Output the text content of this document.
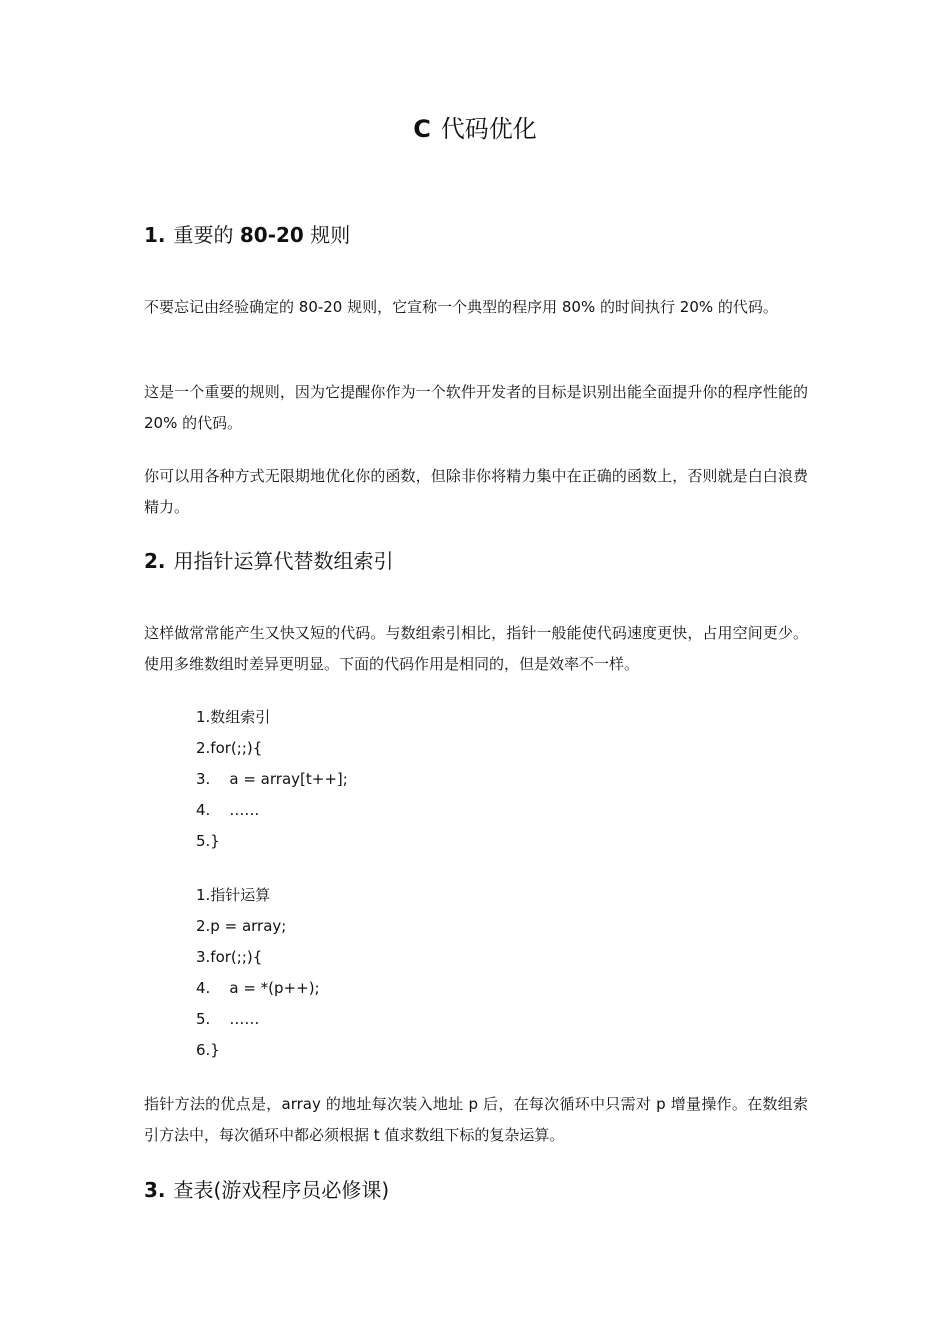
C 代码优化
1. 重要的 80-20 规则
不要忘记由经验确定的 80-20 规则，它宣称一个典型的程序用 80% 的时间执行 20% 的代码。
这是一个重要的规则，因为它提醒你作为一个软件开发者的目标是识别出能全面提升你的程序性能的 20% 的代码。
你可以用各种方式无限期地优化你的函数，但除非你将精力集中在正确的函数上，否则就是白白浪费精力。
2. 用指针运算代替数组索引
这样做常常能产生又快又短的代码。与数组索引相比，指针一般能使代码速度更快，占用空间更少。使用多维数组时差异更明显。下面的代码作用是相同的，但是效率不一样。
1.数组索引
2.for(;;){
3.    a = array[t++];
4.    ……
5.}
1.指针运算
2.p = array;
3.for(;;){
4.    a = *(p++);
5.    ……
6.}
指针方法的优点是，array 的地址每次装入地址 p 后，在每次循环中只需对 p 增量操作。在数组索引方法中，每次循环中都必须根据 t 值求数组下标的复杂运算。
3. 查表(游戏程序员必修课)
